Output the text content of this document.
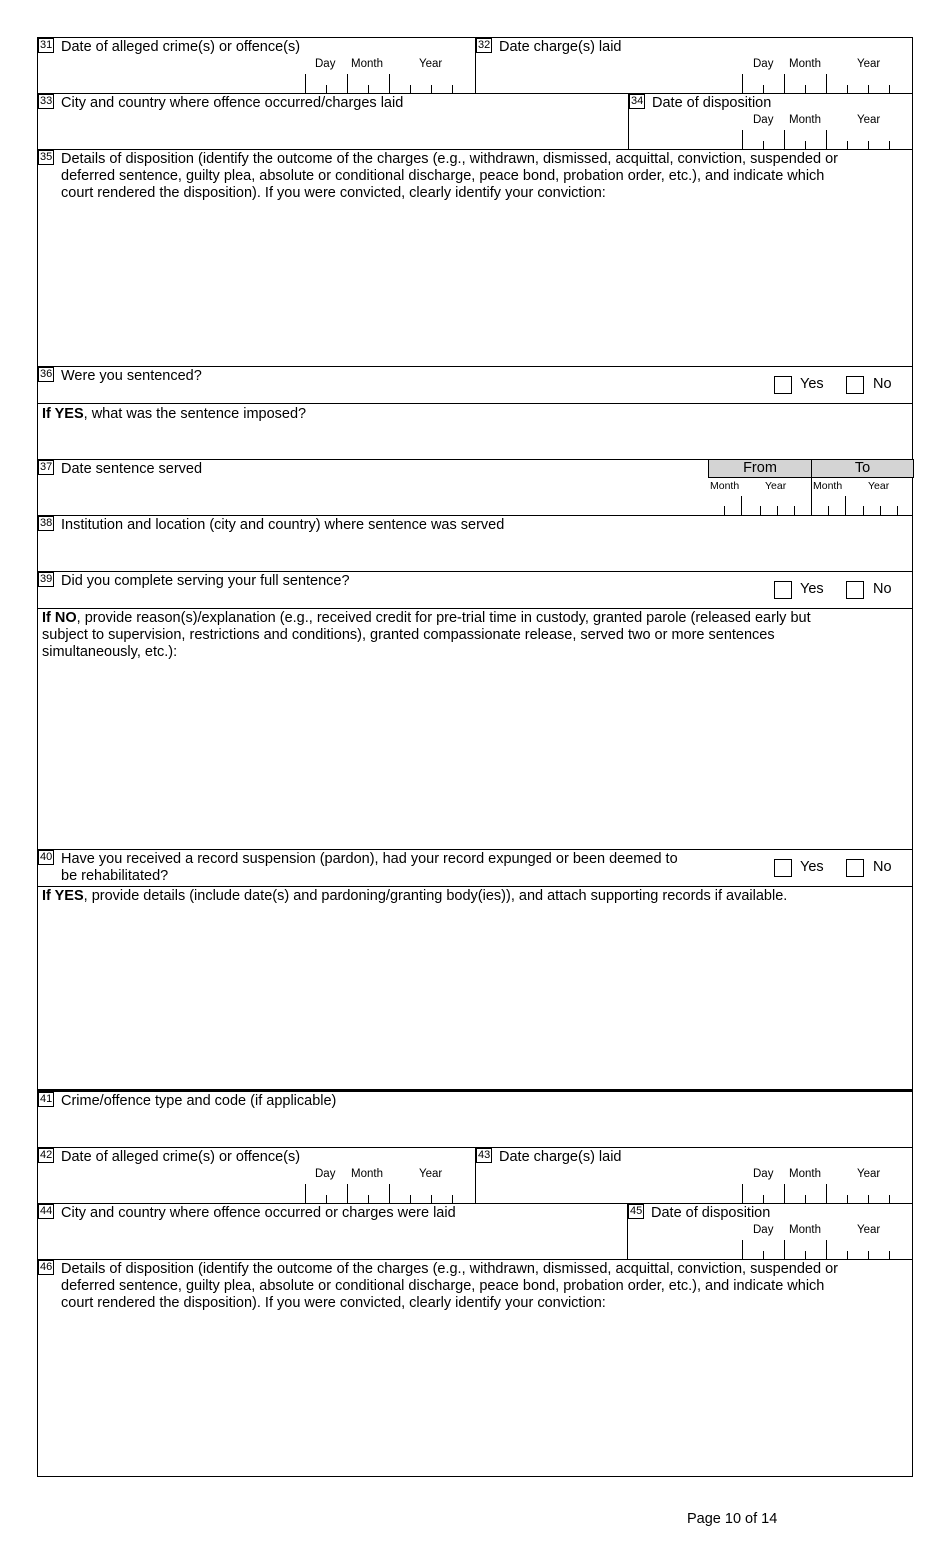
31 Date of alleged crime(s) or offence(s)
Day Month	Year
32 Date charge(s) laid
Day Month	Year
33 City and country where offence occurred/charges laid	34 Date of disposition
Day Month	Year
35 Details of disposition (identify the outcome of the charges (e.g., withdrawn, dismissed, acquittal, conviction, suspended or
deferred sentence, guilty plea, absolute or conditional discharge, peace bond, probation order, etc.), and indicate which
court rendered the disposition). If you were convicted, clearly identify your conviction:
36 Were you sentenced?	Yes	No
If YES, what was the sentence imposed?
37 Date sentence served	From	To
Month Year	Month Year
38 Institution and location (city and country) where sentence was served
39 Did you complete serving your full sentence?	Yes	No
If NO, provide reason(s)/explanation (e.g., received credit for pre-trial time in custody, granted parole (released early but
subject to supervision, restrictions and conditions), granted compassionate release, served two or more sentences
simultaneously, etc.):
40 Have you received a record suspension (pardon), had your record expunged or been deemed to
be rehabilitated?
Yes	No
If YES, provide details (include date(s) and pardoning/granting body(ies)), and attach supporting records if available.
41 Crime/offence type and code (if applicable)
42 Date of alleged crime(s) or offence(s)
Day Month	Year
43 Date charge(s) laid
Day Month	Year
44 City and country where offence occurred or charges were laid	45 Date of disposition
Day Month	Year
46 Details of disposition (identify the outcome of the charges (e.g., withdrawn, dismissed, acquittal, conviction, suspended or
deferred sentence, guilty plea, absolute or conditional discharge, peace bond, probation order, etc.), and indicate which
court rendered the disposition). If you were convicted, clearly identify your conviction:
Page 10 of 14
